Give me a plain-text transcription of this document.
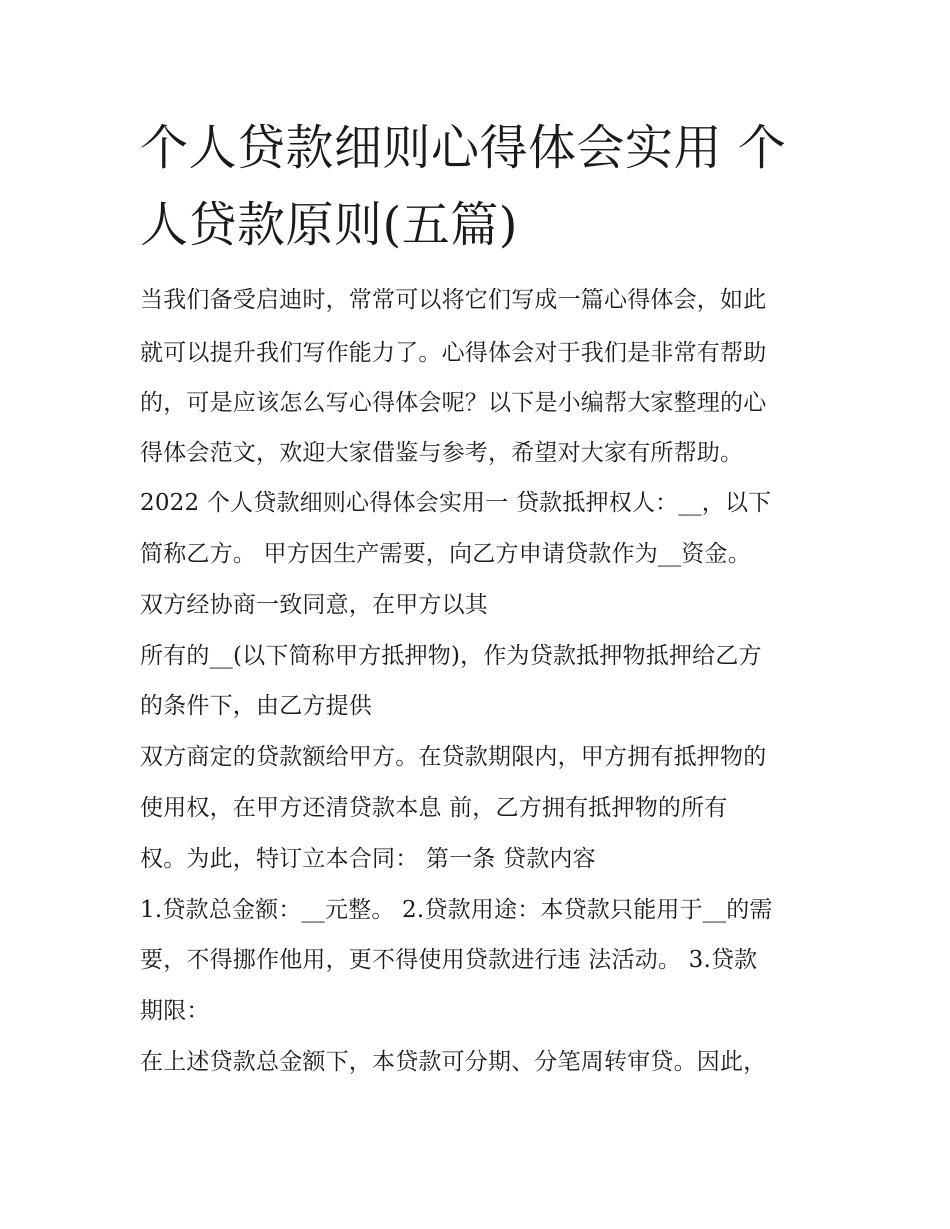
个人贷款细则心得体会实用 个
人贷款原则(五篇)

当我们备受启迪时，常常可以将它们写成一篇心得体会，如此

就可以提升我们写作能力了。心得体会对于我们是非常有帮助

的，可是应该怎么写心得体会呢？以下是小编帮大家整理的心

得体会范文，欢迎大家借鉴与参考，希望对大家有所帮助。

2022 个人贷款细则心得体会实用一 贷款抵押权人：__，以下

简称乙方。 甲方因生产需要，向乙方申请贷款作为__资金。

双方经协商一致同意，在甲方以其

所有的__(以下简称甲方抵押物)，作为贷款抵押物抵押给乙方

的条件下，由乙方提供

双方商定的贷款额给甲方。在贷款期限内，甲方拥有抵押物的

使用权，在甲方还清贷款本息 前，乙方拥有抵押物的所有

权。为此，特订立本合同： 第一条 贷款内容

1.贷款总金额：__元整。 2.贷款用途：本贷款只能用于__的需

要，不得挪作他用，更不得使用贷款进行违 法活动。 3.贷款

期限：

在上述贷款总金额下，本贷款可分期、分笔周转审贷。因此，
